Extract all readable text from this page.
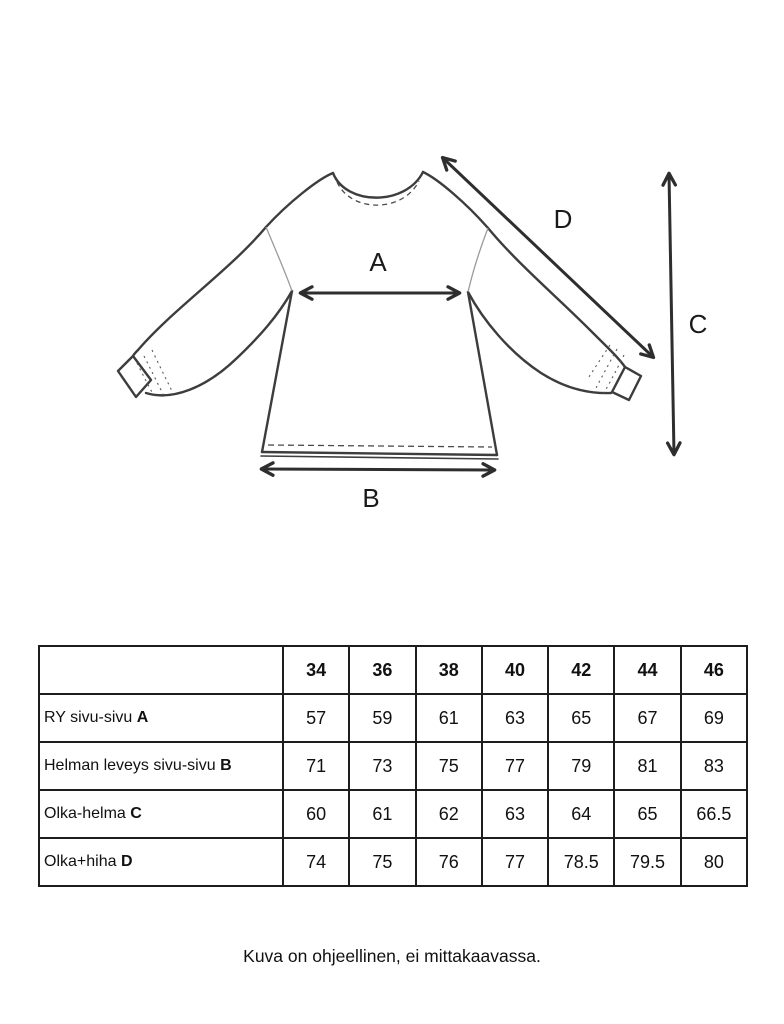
A
B
C
D
	34	36	38	40	42	44	46
RY sivu-sivu A	57	59	61	63	65	67	69
Helman leveys sivu-sivu B	71	73	75	77	79	81	83
Olka-helma C	60	61	62	63	64	65	66.5
Olka+hiha D	74	75	76	77	78.5	79.5	80
Kuva on ohjeellinen, ei mittakaavassa.
